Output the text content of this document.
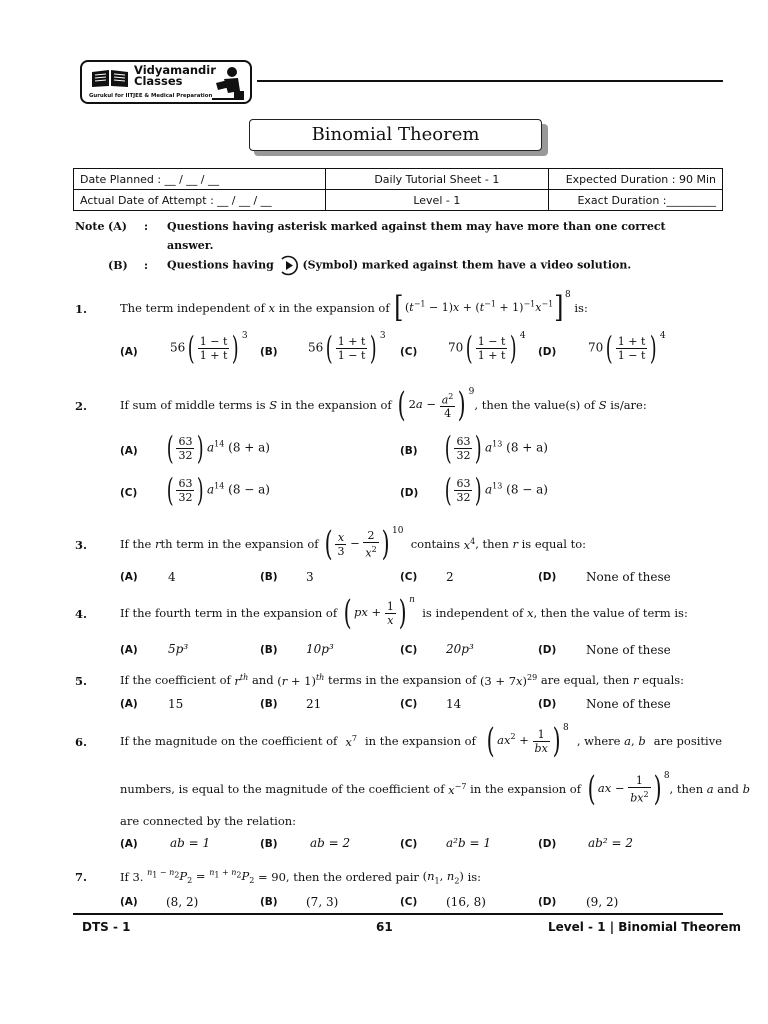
Vidyamandir
Classes
Gurukul for IITJEE & Medical Preparation
Binomial Theorem
Date Planned : __ / __ / __	Daily Tutorial Sheet - 1	Expected Duration : 90 Min
Actual Date of Attempt : __ / __ / __	Level - 1	Exact Duration :_________
Note (A) : Questions having asterisk marked against them may have more than one correct
answer.
(B) : Questions having	(Symbol) marked against them have a video solution.
1.	The term independent of
x
in the expansion of
$[(t^{-1} - 1)x + (t^{-1} + 1)^{-1}x^{-1}]^8$

is:
(A)	$56( \frac{1 - t}{1 + t}$ ) $^3$
(B)	$56( \frac{1 + t}{1 - t}$ ) $^3$
(C)	$70( \frac{1 - t}{1 + t}$ ) $^4$
(D)	$70( \frac{1 + t}{1 - t}$ ) $^4$
2.	If sum of middle terms is
S
in the expansion of
( $2a - \frac{a^2}{4}$ ) $^9$
, then the value(s) of
S
is/are:
(A) ( $\frac{63}{32}$ ) $a^{14}$ (8 + a)	(B) ( $\frac{63}{32}$ ) $a^{13}$ (8 + a)
(C) ( $\frac{63}{32}$ ) $a^{14}$ (8 − a)	(D) ( $\frac{63}{32}$ ) $a^{13}$ (8 − a)
3.	If the
r th term in the expansion of
( $\frac{x}{3} - \frac{2}{x^2}$ ) $^{10}$

contains
$x^4$ , then
r
is equal to:
(A)	4	(B) 3	(C) 2	(D) None of these
4.	If the fourth term in the expansion of
( px + $\frac{1}{x}$ ) $^n$

is independent of
x , then the value of term is:
(A)	5p³	(B) 10p³	(C) 20p³	(D) None of these
5.	If the coefficient of
$r^{th}$
and
$(r + 1)^{th}$
terms in the expansion of
$(3 + 7x)^{29}$
are equal, then
r
equals:
(A)	15	(B) 21	(C) 14	(D) None of these
6.	If the magnitude on the coefficient of $x^7$ in the expansion of ( $ax^2 + \frac{1}{bx}$ ) $^8$
, where a, b are positive
numbers, is equal to the magnitude of the coefficient of
$x^{-7}$
in the expansion of
( ax − $\frac{1}{bx^2}$ ) $^8$
, then
a
and
b
are connected by the relation:
(A)	ab = 1	(B)	ab = 2	(C) a²b = 1	(D)	ab² = 2
7.	If 3.
$^{n_1 - n_2}P_2 = ^{n_1 + n_2}P_2$
= 90, then the ordered pair
($n_1$, $n_2$)
is:
(A) (8, 2)	(B) (7, 3)	(C) (16, 8)	(D) (9, 2)
DTS - 1	61	Level - 1 | Binomial Theorem
